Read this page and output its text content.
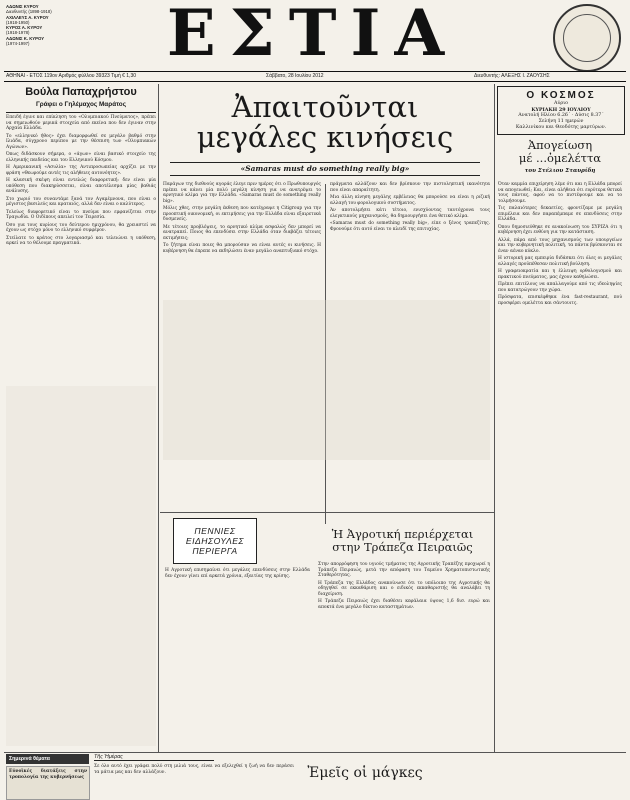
ΑΔΩΝΙΣ ΚΥΡΟΥ
Διευθυντής (1898-1918)
ΑΧΙΛΛΕΥΣ Α. ΚΥΡΟΥ
(1918-1950)
ΚΥΡΟΣ Α. ΚΥΡΟΥ
(1918-1978)
ΑΔΩΝΙΣ Κ. ΚΥΡΟΥ
(1974-1997)	ΕΣΤΙΑ
ΑΘΗΝΑΙ - ΕΤΟΣ 119ον Αριθμός φύλλου 39323 Τιμή € 1,30	Σάββατο, 28 Ιουλίου 2012	Διευθυντής: ΑΛΕΞΗΣ Ι. ΖΑΟΥΣΗΣ
Βούλα Παπαχρήστου
Γράφει ο Γηλέμαχος Μαράτος

Επειδή έγινε και επίκληση του «Ολυμπιακού Πνεύματος», πρέπει να σημειωθούν μερικά στοιχεία από εκείνα που δεν έγιναν στην Αρχαία Ελλάδα.

Το «ελληνικό ήθος» έχει διαμορφωθεί σε μεγάλο βαθμό στην Ιλιάδα, σύγχρονο περίπου με την θέσπιση των «Ολυμπιακών Αγώνων».

Όπως διδάσκουν σήμερα, ο «άγων» είναι βασικό στοιχείο της ελληνικής παιδείας και του Ελληνικού Κόσμου.

Η Αμερικανική «Ασυλία» της Αντιπροσωπείας αρχίζει με την φράση «Θεωρούμε αυτές τις αλήθειες αυτονόητες».

Η κλασική σκέψη είναι εντελώς διαφορετική: δεν είναι μία υπόθεση που διακηρύσσεται, είναι αποτέλεσμα μίας βαθιάς ανάλυσης.

Στο χωριό του συναντάμε ξανά τον Αγαμέμνονα, που είναι ο μέγιστος βασιλεύς και κραταιός, αλλά δεν είναι ο καλύτερος.

Τελείως διαφορετικό είναι το πνεύμα που εμφανίζεται στην Τραγωδία. Ο Οιδίπους απειλεί τον Τειρεσία.

Όσο για τους κυρίους του δεύτερου ημιχρόνου, θα χρειαστεί να έχουν ως στόχο μόνο το ελληνικό συμφέρον.

Στείλατε το κράτος στο λογαριασμό και τελειώνει η υπόθεση, αρκεί να το θέλουμε πραγματικά.

Ἀπαιτοῦνται
μεγάλες κινήσεις
«Samaras must do something really big»

Παράγων της διεθνούς αγοράς έλεγε πριν ημέρες ότι ο Πρωθυπουργός πρέπει να κάνει μία πολύ μεγάλη κίνηση για να ανατρέψει το αρνητικό κλίμα για την Ελλάδα. «Samaras must do something really big».

Μόλις χθες, στην μεγάλη έκθεση που κατέγραψε η Citigroup για την προοπτική οικονομική, οι εκτιμήσεις για την Ελλάδα είναι εξαιρετικά δυσμενείς.

Με τέτοιες προβλέψεις, το αρνητικό κλίμα ασφαλώς δεν μπορεί να ανατραπεί. Ποιος θα επενδύσει στην Ελλάδα όταν διαβάζει τέτοιες εκτιμήσεις;

Το ζήτημα είναι ποιες θα μπορούσαν να είναι αυτές οι κινήσεις. Η κυβέρνηση θα έπρεπε να εκδηλώσει έναν μεγάλο αναπτυξιακό στόχο.

πράγματα αλλάζουν και δεν βρίσκουν την πιστοληπτική ικανότητα που είναι απαραίτητη.

Μια άλλη κίνηση μεγάλης εμβέλειας θα μπορούσε να είναι η ριζική αλλαγή του φορολογικού συστήματος.

Άν αποτολμήσει κάτι τέτοιο, ενισχύοντας ταυτόχρονα τους ελεγκτικούς μηχανισμούς, θα δημιουργήσει ένα θετικό κλίμα.

«Samaras must do something really big», είπε ο ξένος τραπεζίτης. Φρονούμε ότι αυτό είναι το κλειδί της επιτυχίας.

ΠΕΝΝΙΕΣ
ΕΙΔΗΣΟΥΛΕΣ
ΠΕΡΙΕΡΓΑ

Η Αγροτική επισημαίνει ότι μεγάλες επενδύσεις στην Ελλάδα δεν έχουν γίνει επί αρκετά χρόνια, εξαιτίας της κρίσης.

Ἡ Ἀγροτική περιέρχεται
στην Τράπεζα Πειραιῶς

Στην απορρόφηση του υγιούς τμήματος της Αγροτικής Τραπέζης προχωρεί η Τράπεζα Πειραιώς, μετά την απόφαση του Ταμείου Χρηματοπιστωτικής Σταθερότητας.

Η Τράπεζα της Ελλάδος ανακοίνωσε ότι το υπόλοιπο της Αγροτικής θα οδηγηθεί σε εκκαθάριση και ο ειδικός εκκαθαριστής θα αναλάβει τη διαχείριση.

Η Τράπεζα Πειραιώς έχει διαθέσει κεφάλαια ύψους 1,6 δισ. ευρώ και αποκτά ένα μεγάλο δίκτυο καταστημάτων.

Ο ΚΟΣΜΟΣ
Αύριο
ΚΥΡΙΑΚΗ 29 ΙΟΥΛΙΟΥ
Ανατολή Ηλίου 6.26´ · Δύσις 8.37´
Σελήνη 11 ημερών
Καλλινίκου και Θεοδότης μαρτύρων.
Ἀπογείωση
μέ ...ὀμελέττα
του Στέλιου Σταυρίδη

Όταν καμμία επιχείρηση λέμε ότι και η Ελλάδα μπορεί να απογειωθεί; Και, είναι αλήθεια ότι ευρύτερα θετικά τους πάντας, αφού να το πιστέψουμε και να το τολμήσουμε.

Τις παλαιότερες δεκαετίες, φροντίζαμε με μεγάλη επιμέλεια και δεν παραπέμπαμε σε επενδύσεις στην Ελλάδα.

Όπου δημοσιεύθηκε σε ανακοίνωση του ΣΥΡΙΖΑ ότι η κυβέρνηση έχει ευθύνη για την κατάσταση.

Αλλά, πάρα από τους μηχανισμούς των υπουργείων και την κυβερνητική πολιτική, τα πάντα βρίσκονται σε έναν αέναο κύκλο.

Η ιστορική μας εμπειρία διδάσκει ότι όλες οι μεγάλες αλλαγές προϋπέθεσαν πολιτική βούληση.

Η γραφειοκρατία και η έλλειψη ορθολογισμού και πρακτικού πνεύματος, μας έχουν καθηλώσει.

Πρέπει επιτέλους να απαλλαγούμε από τις ιδεοληψίες που κατατρώγουν την χώρα.

Πρόσφατα, επισκέφθηκα ένα fast-restaurant, πού προσφέρει ομελέττα και σάντουιτς.

Σημερινά θέματα

Εύνοϊκές διατάξεις στην τροπολογία της κυβερνήσεως

Τῆς Ἡμέρας

Σε όλο αυτό έχει γράφει πολύ στη μιλιά τους, είναι να εξελιχθεί η ζωή να δεν περάσει τα μάτια μας και δεν αλλάζουν.	Ἐμεῖς οἱ μάγκες
